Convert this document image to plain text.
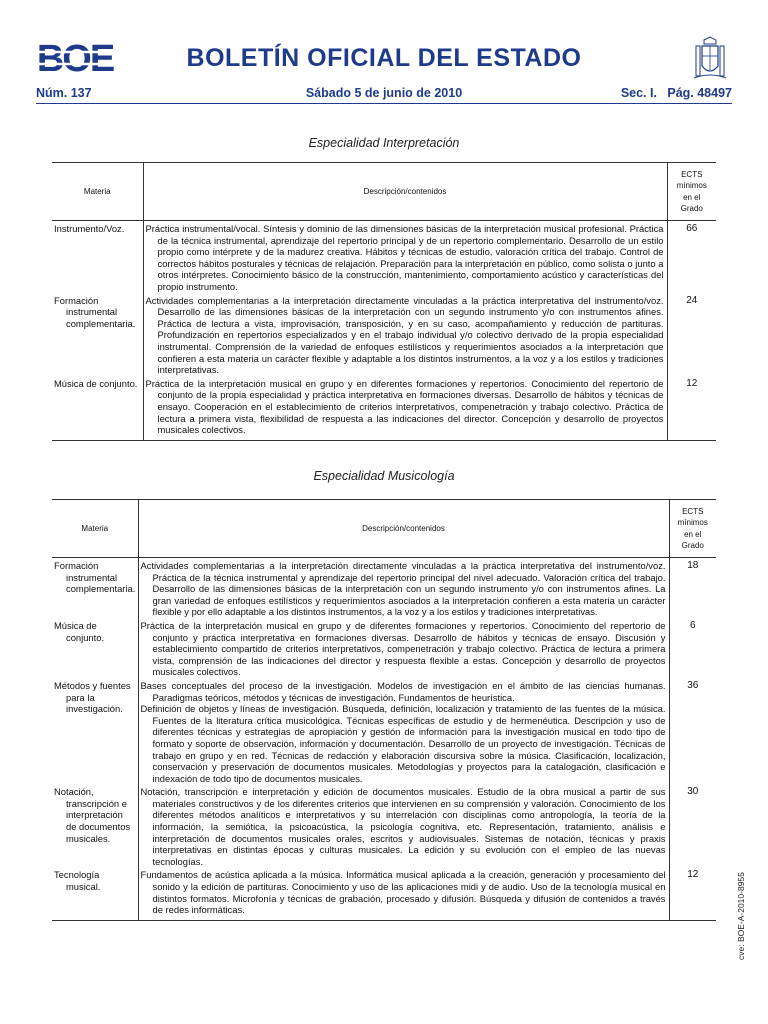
BOE	BOLETÍN OFICIAL DEL ESTADO
Núm. 137	Sábado 5 de junio de 2010	Sec. I.   Pág. 48497
Especialidad Interpretación
Materia	Descripción/contenidos	ECTS
mínimos
en el
Grado

Instrumento/Voz.	Práctica instrumental/vocal. Síntesis y dominio de las dimensiones básicas de la interpretación musical profesional. Práctica de la técnica instrumental, aprendizaje del repertorio principal y de un repertorio complementario. Desarrollo de un estilo propio como intérprete y de la madurez creativa. Hábitos y técnicas de estudio, valoración crítica del trabajo. Control de correctos hábitos posturales y técnicas de relajación. Preparación para la interpretación en público, como solista o junto a otros intérpretes. Conocimiento básico de la construcción, mantenimiento, comportamiento acústico y características del propio instrumento.	66

Formación instrumental complementaria.	Actividades complementarias a la interpretación directamente vinculadas a la práctica interpretativa del instrumento/voz. Desarrollo de las dimensiones básicas de la interpretación con un segundo instrumento y/o con instrumentos afines. Práctica de lectura a vista, improvisación, transposición, y en su caso, acompañamiento y reducción de partituras. Profundización en repertorios especializados y en el trabajo individual y/o colectivo derivado de la propia especialidad instrumental. Comprensión de la variedad de enfoques estilísticos y requerimientos asociados a la interpretación que confieren a esta materia un carácter flexible y adaptable a los distintos instrumentos, a la voz y a los estilos y tradiciones interpretativas.	24

Música de conjunto.	Práctica de la interpretación musical en grupo y en diferentes formaciones y repertorios. Conocimiento del repertorio de conjunto de la propia especialidad y práctica interpretativa en formaciones diversas. Desarrollo de hábitos y técnicas de ensayo. Cooperación en el establecimiento de criterios interpretativos, compenetración y trabajo colectivo. Práctica de lectura a primera vista, flexibilidad de respuesta a las indicaciones del director. Concepción y desarrollo de proyectos musicales colectivos.	12
Especialidad Musicología
Materia	Descripción/contenidos	ECTS
mínimos
en el
Grado

Formación instrumental complementaria.	Actividades complementarias a la interpretación directamente vinculadas a la práctica interpretativa del instrumento/voz. Práctica de la técnica instrumental y aprendizaje del repertorio principal del nivel adecuado. Valoración crítica del trabajo. Desarrollo de las dimensiones básicas de la interpretación con un segundo instrumento y/o con instrumentos afines. La gran variedad de enfoques estilísticos y requerimientos asociados a la interpretación confieren a esta materia un carácter flexible y por ello adaptable a los distintos instrumentos, a la voz y a los estilos y tradiciones interpretativas.	18

Música de conjunto.	Práctica de la interpretación musical en grupo y de diferentes formaciones y repertorios. Conocimiento del repertorio de conjunto y práctica interpretativa en formaciones diversas. Desarrollo de hábitos y técnicas de ensayo. Discusión y establecimiento compartido de criterios interpretativos, compenetración y trabajo colectivo. Práctica de lectura a primera vista, comprensión de las indicaciones del director y respuesta flexible a estas. Concepción y desarrollo de proyectos musicales colectivos.	6

Métodos y fuentes para la investigación.	Bases conceptuales del proceso de la investigación. Modelos de investigación en el ámbito de las ciencias humanas. Paradigmas teóricos, métodos y técnicas de investigación. Fundamentos de heurística.
Definición de objetos y líneas de investigación. Búsqueda, definición, localización y tratamiento de las fuentes de la música. Fuentes de la literatura crítica musicológica. Técnicas específicas de estudio y de hermenéutica. Descripción y uso de diferentes técnicas y estrategias de apropiación y gestión de información para la investigación musical en todo tipo de formato y soporte de observación, información y documentación. Desarrollo de un proyecto de investigación. Técnicas de trabajo en grupo y en red. Técnicas de redacción y elaboración discursiva sobre la música. Clasificación, localización, conservación y preservación de documentos musicales. Metodologías y proyectos para la catalogación, clasificación e indexación de todo tipo de documentos musicales.	36

Notación, transcripción e interpretación de documentos musicales.	Notación, transcripción e interpretación y edición de documentos musicales. Estudio de la obra musical a partir de sus materiales constructivos y de los diferentes criterios que intervienen en su comprensión y valoración. Conocimiento de los diferentes métodos analíticos e interpretativos y su interrelación con disciplinas como antropología, la teoría de la información, la semiótica, la psicoacústica, la psicología cognitiva, etc. Representación, tratamiento, análisis e interpretación de documentos musicales orales, escritos y audiovisuales. Sistemas de notación, técnicas y praxis interpretativas en distintas épocas y culturas musicales. La edición y su evolución con el empleo de las nuevas tecnologías.	30

Tecnología musical.	Fundamentos de acústica aplicada a la música. Informática musical aplicada a la creación, generación y procesamiento del sonido y la edición de partituras. Conocimiento y uso de las aplicaciones midi y de audio. Uso de la tecnología musical en distintos formatos. Microfonía y técnicas de grabación, procesado y difusión. Búsqueda y difusión de contenidos a través de redes informáticas.	12	cve: BOE-A-2010-8955
